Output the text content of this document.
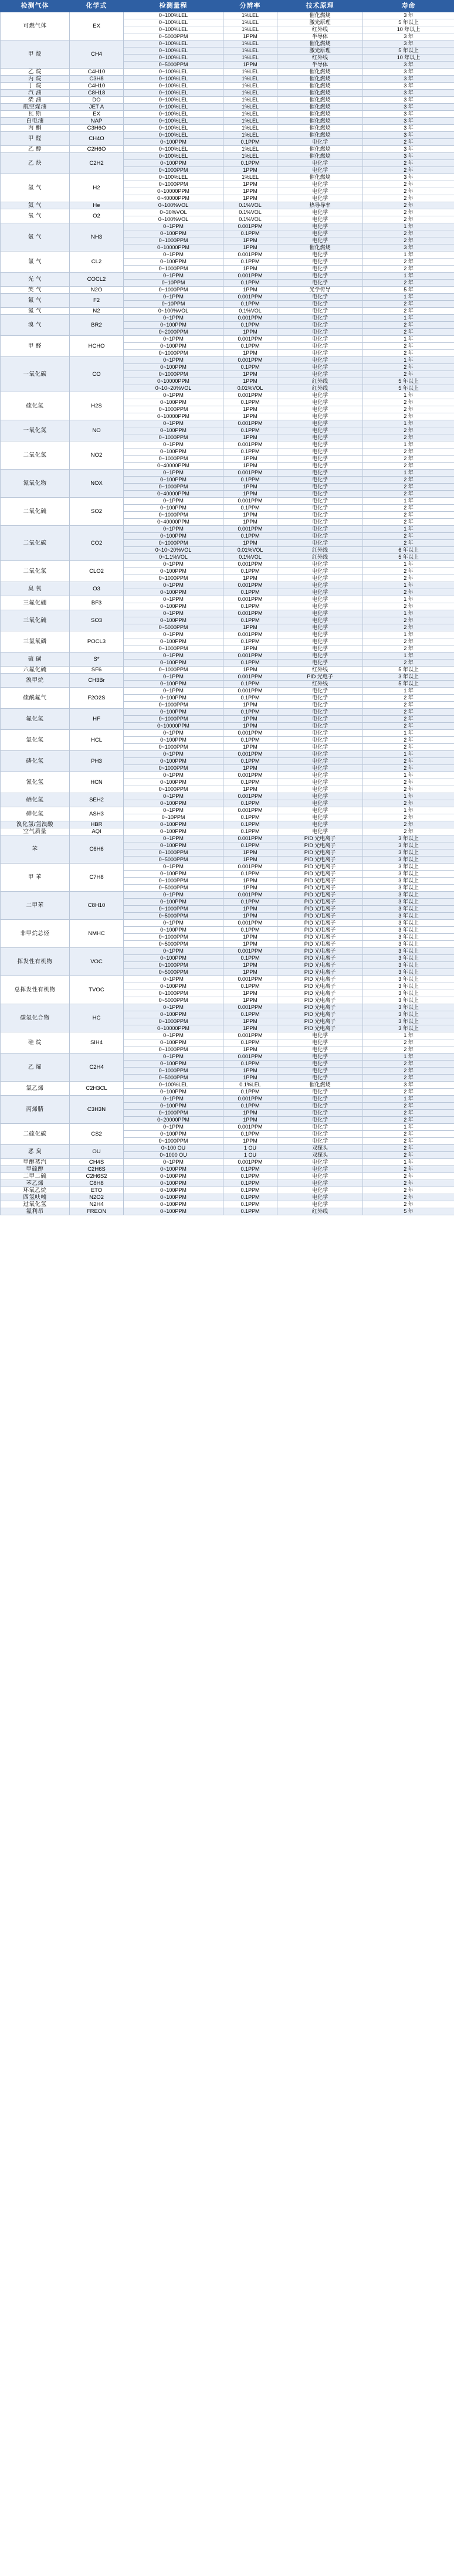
检测气体	化学式	检测量程	分辨率	技术原理	寿命
可燃气体	EX	0~100%LEL	1%LEL	催化燃烧	3 年
		0~100%LEL	1%LEL	激光原理	5 年以上
		0~100%LEL	1%LEL	红外线	10 年以上
		0~5000PPM	1PPM	半导体	3 年
甲 烷	CH4	0~100%LEL	1%LEL	催化燃烧	3 年
		0~100%LEL	1%LEL	激光原理	5 年以上
		0~100%LEL	1%LEL	红外线	10 年以上
		0~5000PPM	1PPM	半导体	3 年
乙 烷	C4H10	0~100%LEL	1%LEL	催化燃烧	3 年
丙 烷	C3H8	0~100%LEL	1%LEL	催化燃烧	3 年
丁 烷	C4H10	0~100%LEL	1%LEL	催化燃烧	3 年
汽 油	C8H18	0~100%LEL	1%LEL	催化燃烧	3 年
柴 油	DO	0~100%LEL	1%LEL	催化燃烧	3 年
航空煤油	JET A	0~100%LEL	1%LEL	催化燃烧	3 年
瓦 斯	EX	0~100%LEL	1%LEL	催化燃烧	3 年
白电油	NAP	0~100%LEL	1%LEL	催化燃烧	3 年
丙 酮	C3H6O	0~100%LEL	1%LEL	催化燃烧	3 年
甲 醛	CH4O	0~100%LEL	1%LEL	催化燃烧	3 年
		0~100PPM	0.1PPM	电化学	2 年
乙 醇	C2H6O	0~100%LEL	1%LEL	催化燃烧	3 年
乙 炔	C2H2	0~100%LEL	1%LEL	催化燃烧	3 年
		0~100PPM	0.1PPM	电化学	2 年
		0~1000PPM	1PPM	电化学	2 年
氢 气	H2	0~100%LEL	1%LEL	催化燃烧	3 年
		0~1000PPM	1PPM	电化学	2 年
		0~10000PPM	1PPM	电化学	2 年
		0~40000PPM	1PPM	电化学	2 年
氦 气	He	0~100%VOL	0.1%VOL	热导导率	2 年
氧 气	O2	0~30%VOL	0.1%VOL	电化学	2 年
		0~100%VOL	0.1%VOL	电化学	2 年
氨 气	NH3	0~1PPM	0.001PPM	电化学	1 年
		0~100PPM	0.1PPM	电化学	2 年
		0~1000PPM	1PPM	电化学	2 年
		0~10000PPM	1PPM	催化燃烧	3 年
氯 气	CL2	0~1PPM	0.001PPM	电化学	1 年
		0~100PPM	0.1PPM	电化学	2 年
		0~1000PPM	1PPM	电化学	2 年
光 气	COCL2	0~1PPM	0.001PPM	电化学	1 年
		0~10PPM	0.1PPM	电化学	2 年
笑 气	N2O	0~1000PPM	1PPM	光学传导	5 年
氟 气	F2	0~1PPM	0.001PPM	电化学	1 年
		0~10PPM	0.1PPM	电化学	2 年
氮 气	N2	0~100%VOL	0.1%VOL	电化学	2 年
溴 气	BR2	0~1PPM	0.001PPM	电化学	1 年
		0~100PPM	0.1PPM	电化学	2 年
		0~2000PPM	1PPM	电化学	2 年
甲 醛	HCHO	0~1PPM	0.001PPM	电化学	1 年
		0~100PPM	0.1PPM	电化学	2 年
		0~1000PPM	1PPM	电化学	2 年
一氧化碳	CO	0~1PPM	0.001PPM	电化学	1 年
		0~100PPM	0.1PPM	电化学	2 年
		0~1000PPM	1PPM	电化学	2 年
		0~10000PPM	1PPM	红外线	5 年以上
		0~10~20%VOL	0.01%VOL	红外线	5 年以上
硫化氢	H2S	0~1PPM	0.001PPM	电化学	1 年
		0~100PPM	0.1PPM	电化学	2 年
		0~1000PPM	1PPM	电化学	2 年
		0~10000PPM	1PPM	电化学	2 年
一氧化氮	NO	0~1PPM	0.001PPM	电化学	1 年
		0~100PPM	0.1PPM	电化学	2 年
		0~1000PPM	1PPM	电化学	2 年
二氧化氮	NO2	0~1PPM	0.001PPM	电化学	1 年
		0~100PPM	0.1PPM	电化学	2 年
		0~1000PPM	1PPM	电化学	2 年
		0~40000PPM	1PPM	电化学	2 年
氮氧化物	NOX	0~1PPM	0.001PPM	电化学	1 年
		0~100PPM	0.1PPM	电化学	2 年
		0~1000PPM	1PPM	电化学	2 年
		0~40000PPM	1PPM	电化学	2 年
二氧化硫	SO2	0~1PPM	0.001PPM	电化学	1 年
		0~100PPM	0.1PPM	电化学	2 年
		0~1000PPM	1PPM	电化学	2 年
		0~40000PPM	1PPM	电化学	2 年
二氧化碳	CO2	0~1PPM	0.001PPM	电化学	1 年
		0~100PPM	0.1PPM	电化学	2 年
		0~1000PPM	1PPM	电化学	2 年
		0~10~20%VOL	0.01%VOL	红外线	6 年以上
		0~1.1%VOL	0.1%VOL	红外线	5 年以上
二氧化氯	CLO2	0~1PPM	0.001PPM	电化学	1 年
		0~100PPM	0.1PPM	电化学	2 年
		0~1000PPM	1PPM	电化学	2 年
臭 氧	O3	0~1PPM	0.001PPM	电化学	1 年
		0~100PPM	0.1PPM	电化学	2 年
三氟化硼	BF3	0~1PPM	0.001PPM	电化学	1 年
		0~100PPM	0.1PPM	电化学	2 年
三氧化硫	SO3	0~1PPM	0.001PPM	电化学	1 年
		0~100PPM	0.1PPM	电化学	2 年
		0~5000PPM	1PPM	电化学	2 年
三氯氧磷	POCL3	0~1PPM	0.001PPM	电化学	1 年
		0~100PPM	0.1PPM	电化学	2 年
		0~1000PPM	1PPM	电化学	2 年
硫 磺	S*	0~1PPM	0.001PPM	电化学	1 年
		0~100PPM	0.1PPM	电化学	2 年
六氟化硫	SF6	0~1000PPM	1PPM	红外线	5 年以上
溴甲烷	CH3Br	0~1PPM	0.001PPM	PID 光电子	3 年以上
		0~100PPM	0.1PPM	红外线	5 年以上
硫酰氟气	F2O2S	0~1PPM	0.001PPM	电化学	1 年
		0~100PPM	0.1PPM	电化学	2 年
		0~1000PPM	1PPM	电化学	2 年
氟化氢	HF	0~100PPM	0.1PPM	电化学	2 年
		0~1000PPM	1PPM	电化学	2 年
		0~10000PPM	1PPM	电化学	2 年
氯化氢	HCL	0~1PPM	0.001PPM	电化学	1 年
		0~100PPM	0.1PPM	电化学	2 年
		0~1000PPM	1PPM	电化学	2 年
磷化氢	PH3	0~1PPM	0.001PPM	电化学	1 年
		0~100PPM	0.1PPM	电化学	2 年
		0~1000PPM	1PPM	电化学	2 年
氰化氢	HCN	0~1PPM	0.001PPM	电化学	1 年
		0~100PPM	0.1PPM	电化学	2 年
		0~1000PPM	1PPM	电化学	2 年
硒化氢	SEH2	0~1PPM	0.001PPM	电化学	1 年
		0~100PPM	0.1PPM	电化学	2 年
砷化氢	ASH3	0~1PPM	0.001PPM	电化学	1 年
		0~10PPM	0.1PPM	电化学	2 年
溴化氢/氢溴酸	HBR	0~100PPM	0.1PPM	电化学	2 年
空气质量	AQI	0~100PPM	0.1PPM	电化学	2 年
苯	C6H6	0~1PPM	0.001PPM	PID 光电离子	3 年以上
		0~100PPM	0.1PPM	PID 光电离子	3 年以上
		0~1000PPM	1PPM	PID 光电离子	3 年以上
		0~5000PPM	1PPM	PID 光电离子	3 年以上
甲 苯	C7H8	0~1PPM	0.001PPM	PID 光电离子	3 年以上
		0~100PPM	0.1PPM	PID 光电离子	3 年以上
		0~1000PPM	1PPM	PID 光电离子	3 年以上
		0~5000PPM	1PPM	PID 光电离子	3 年以上
二甲苯	C8H10	0~1PPM	0.001PPM	PID 光电离子	3 年以上
		0~100PPM	0.1PPM	PID 光电离子	3 年以上
		0~1000PPM	1PPM	PID 光电离子	3 年以上
		0~5000PPM	1PPM	PID 光电离子	3 年以上
非甲烷总烃	NMHC	0~1PPM	0.001PPM	PID 光电离子	3 年以上
		0~100PPM	0.1PPM	PID 光电离子	3 年以上
		0~1000PPM	1PPM	PID 光电离子	3 年以上
		0~5000PPM	1PPM	PID 光电离子	3 年以上
挥发性有机物	VOC	0~1PPM	0.001PPM	PID 光电离子	3 年以上
		0~100PPM	0.1PPM	PID 光电离子	3 年以上
		0~1000PPM	1PPM	PID 光电离子	3 年以上
		0~5000PPM	1PPM	PID 光电离子	3 年以上
总挥发性有机物	TVOC	0~1PPM	0.001PPM	PID 光电离子	3 年以上
		0~100PPM	0.1PPM	PID 光电离子	3 年以上
		0~1000PPM	1PPM	PID 光电离子	3 年以上
		0~5000PPM	1PPM	PID 光电离子	3 年以上
碳氢化合物	HC	0~1PPM	0.001PPM	PID 光电离子	3 年以上
		0~100PPM	0.1PPM	PID 光电离子	3 年以上
		0~1000PPM	1PPM	PID 光电离子	3 年以上
		0~10000PPM	1PPM	PID 光电离子	3 年以上
硅 烷	SIH4	0~1PPM	0.001PPM	电化学	1 年
		0~100PPM	0.1PPM	电化学	2 年
		0~1000PPM	1PPM	电化学	2 年
乙 烯	C2H4	0~1PPM	0.001PPM	电化学	1 年
		0~100PPM	0.1PPM	电化学	2 年
		0~1000PPM	1PPM	电化学	2 年
		0~5000PPM	1PPM	电化学	2 年
氯乙烯	C2H3CL	0~100%LEL	0.1%LEL	催化燃烧	3 年
		0~100PPM	0.1PPM	电化学	2 年
丙烯腈	C3H3N	0~1PPM	0.001PPM	电化学	1 年
		0~100PPM	0.1PPM	电化学	2 年
		0~1000PPM	1PPM	电化学	2 年
		0~20000PPM	1PPM	电化学	2 年
二硫化碳	CS2	0~1PPM	0.001PPM	电化学	1 年
		0~100PPM	0.1PPM	电化学	2 年
		0~1000PPM	1PPM	电化学	2 年
恶 臭	OU	0~100 OU	1 OU	双探头	2 年
		0~1000 OU	1 OU	双探头	2 年
甲醇蒸汽	CH4S	0~1PPM	0.001PPM	电化学	1 年
甲硫醇	C2H6S	0~100PPM	0.1PPM	电化学	2 年
二甲二硫	C2H6S2	0~100PPM	0.1PPM	电化学	2 年
苯乙烯	C8H8	0~100PPM	0.1PPM	电化学	2 年
环氧乙烷	ETO	0~100PPM	0.1PPM	电化学	2 年
四氢呋喃	N2O2	0~100PPM	0.1PPM	电化学	2 年
过氧化氢	N2H4	0~100PPM	0.1PPM	电化学	2 年
氟利昂	FREON	0~100PPM	0.1PPM	红外线	5 年
